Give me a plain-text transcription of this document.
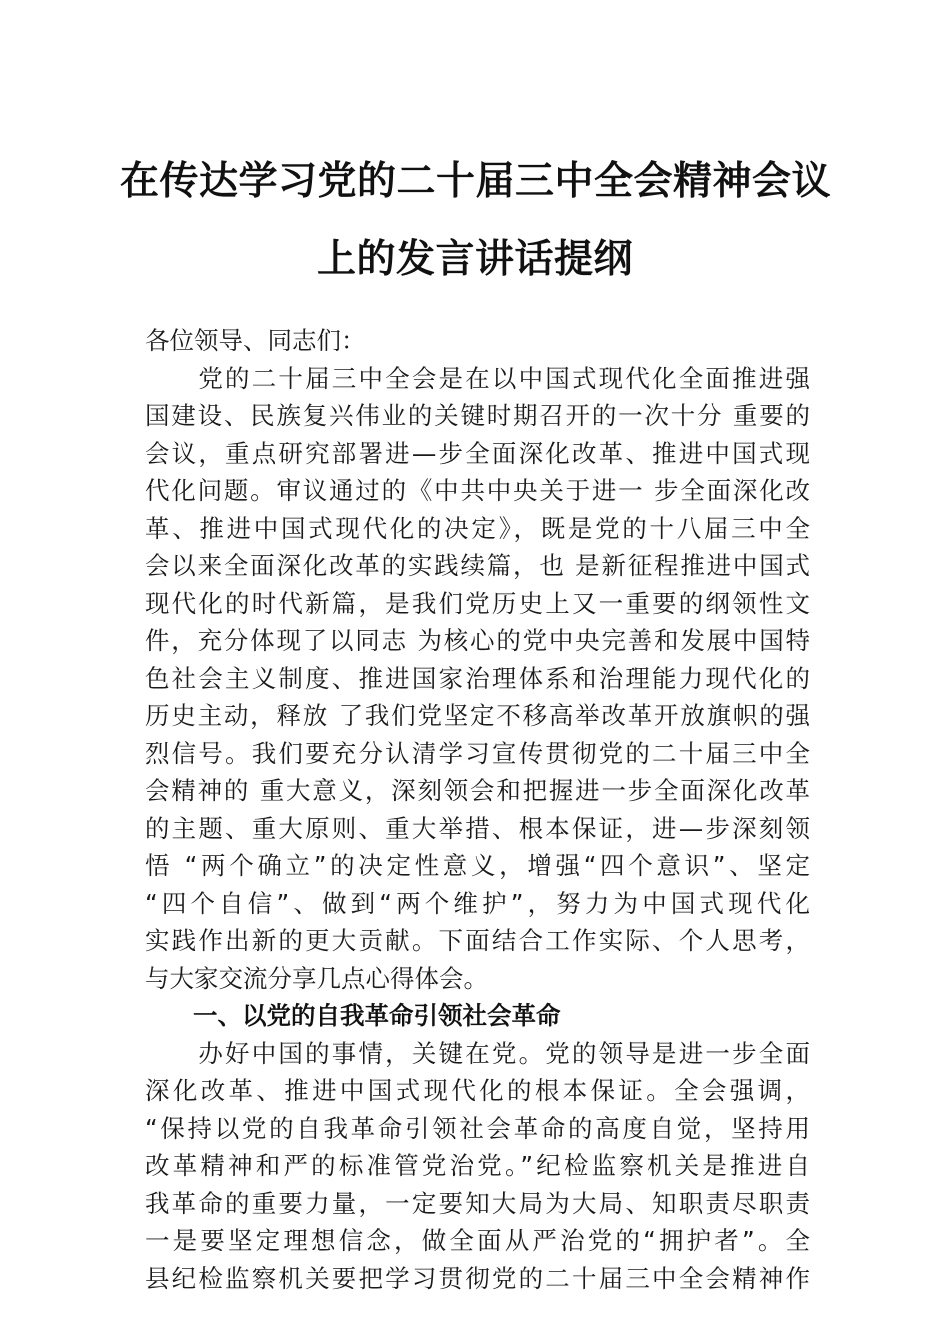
在传达学习党的二十届三中全会精神会议
上的发言讲话提纲
各位领导、同志们：
　　党的二十届三中全会是在以中国式现代化全面推进强
国建设、民族复兴伟业的关键时期召开的一次十分 重要的
会议，重点研究部署进—步全面深化改革、推进中国式现
代化问题。审议通过的《中共中央关于进一 步全面深化改
革、推进中国式现代化的决定》，既是党的十八届三中全
会以来全面深化改革的实践续篇，也 是新征程推进中国式
现代化的时代新篇，是我们党历史上又一重要的纲领性文
件，充分体现了以同志 为核心的党中央完善和发展中国特
色社会主义制度、推进国家治理体系和治理能力现代化的
历史主动，释放 了我们党坚定不移高举改革开放旗帜的强
烈信号。我们要充分认清学习宣传贯彻党的二十届三中全
会精神的 重大意义，深刻领会和把握进一步全面深化改革
的主题、重大原则、重大举措、根本保证，进—步深刻领
悟 “两个确立”的决定性意义，增强“四个意识”、坚定
“四个自信”、做到“两个维护”，努力为中国式现代化
实践作出新的更大贡献。下面结合工作实际、个人思考，
与大家交流分享几点心得体会。
一、以党的自我革命引领社会革命
　　办好中国的事情，关键在党。党的领导是进一步全面
深化改革、推进中国式现代化的根本保证。全会强调，
“保持以党的自我革命引领社会革命的高度自觉，坚持用
改革精神和严的标准管党治党。”纪检监察机关是推进自
我革命的重要力量，一定要知大局为大局、知职责尽职责
一是要坚定理想信念，做全面从严治党的“拥护者”。全
县纪检监察机关要把学习贯彻党的二十届三中全会精神作
